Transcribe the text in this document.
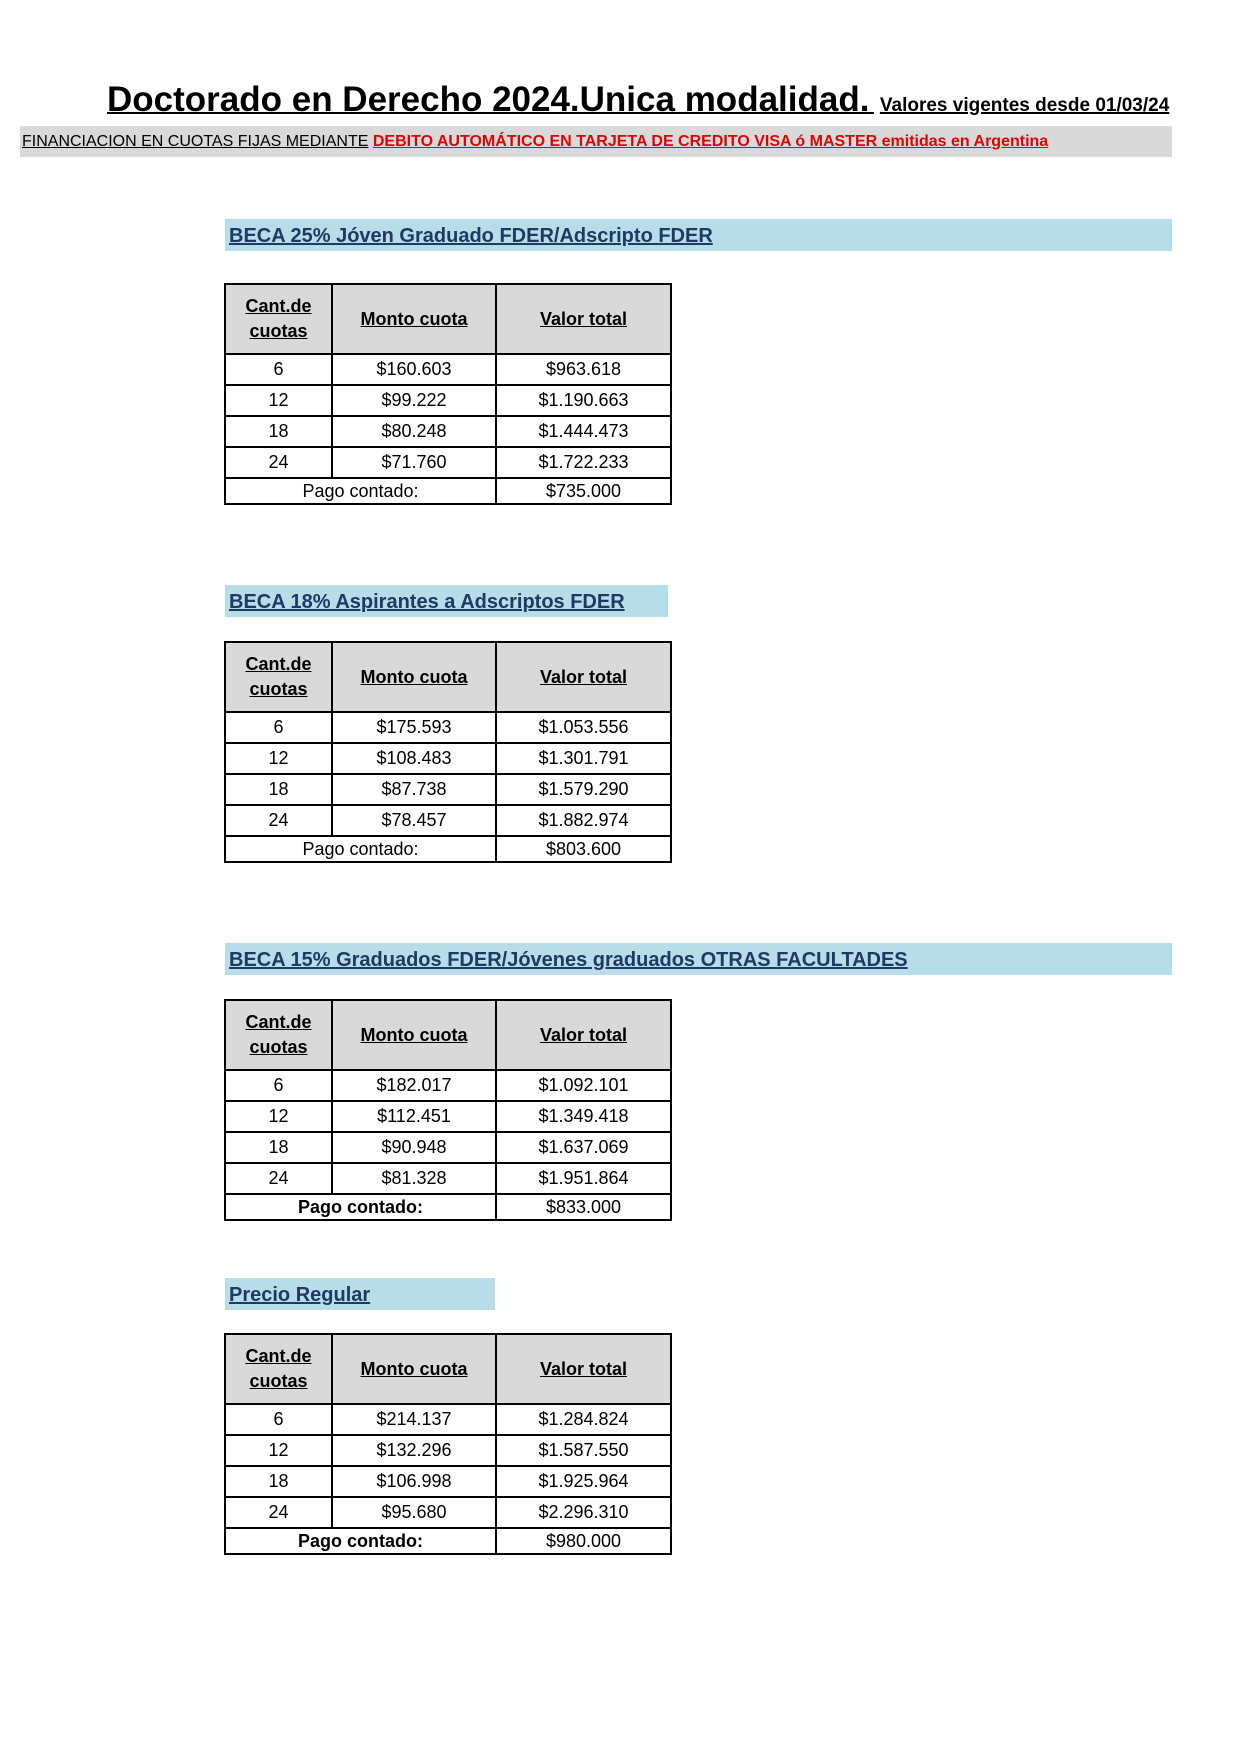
Doctorado en Derecho 2024.Unica modalidad. Valores vigentes desde 01/03/24
FINANCIACION EN CUOTAS FIJAS MEDIANTE DEBITO AUTOMÁTICO EN TARJETA DE CREDITO VISA ó MASTER emitidas en Argentina
BECA 25% Jóven Graduado FDER/Adscripto FDER
Cant.de
cuotas	Monto cuota	Valor total
6	$160.603	$963.618
12	$99.222	$1.190.663
18	$80.248	$1.444.473
24	$71.760	$1.722.233
Pago contado:		$735.000
BECA 18% Aspirantes a Adscriptos FDER
Cant.de
cuotas	Monto cuota	Valor total
6	$175.593	$1.053.556
12	$108.483	$1.301.791
18	$87.738	$1.579.290
24	$78.457	$1.882.974
Pago contado:		$803.600
BECA 15% Graduados FDER/Jóvenes graduados OTRAS FACULTADES
Cant.de
cuotas	Monto cuota	Valor total
6	$182.017	$1.092.101
12	$112.451	$1.349.418
18	$90.948	$1.637.069
24	$81.328	$1.951.864
Pago contado:		$833.000
Precio Regular
Cant.de
cuotas	Monto cuota	Valor total
6	$214.137	$1.284.824
12	$132.296	$1.587.550
18	$106.998	$1.925.964
24	$95.680	$2.296.310
Pago contado:		$980.000
